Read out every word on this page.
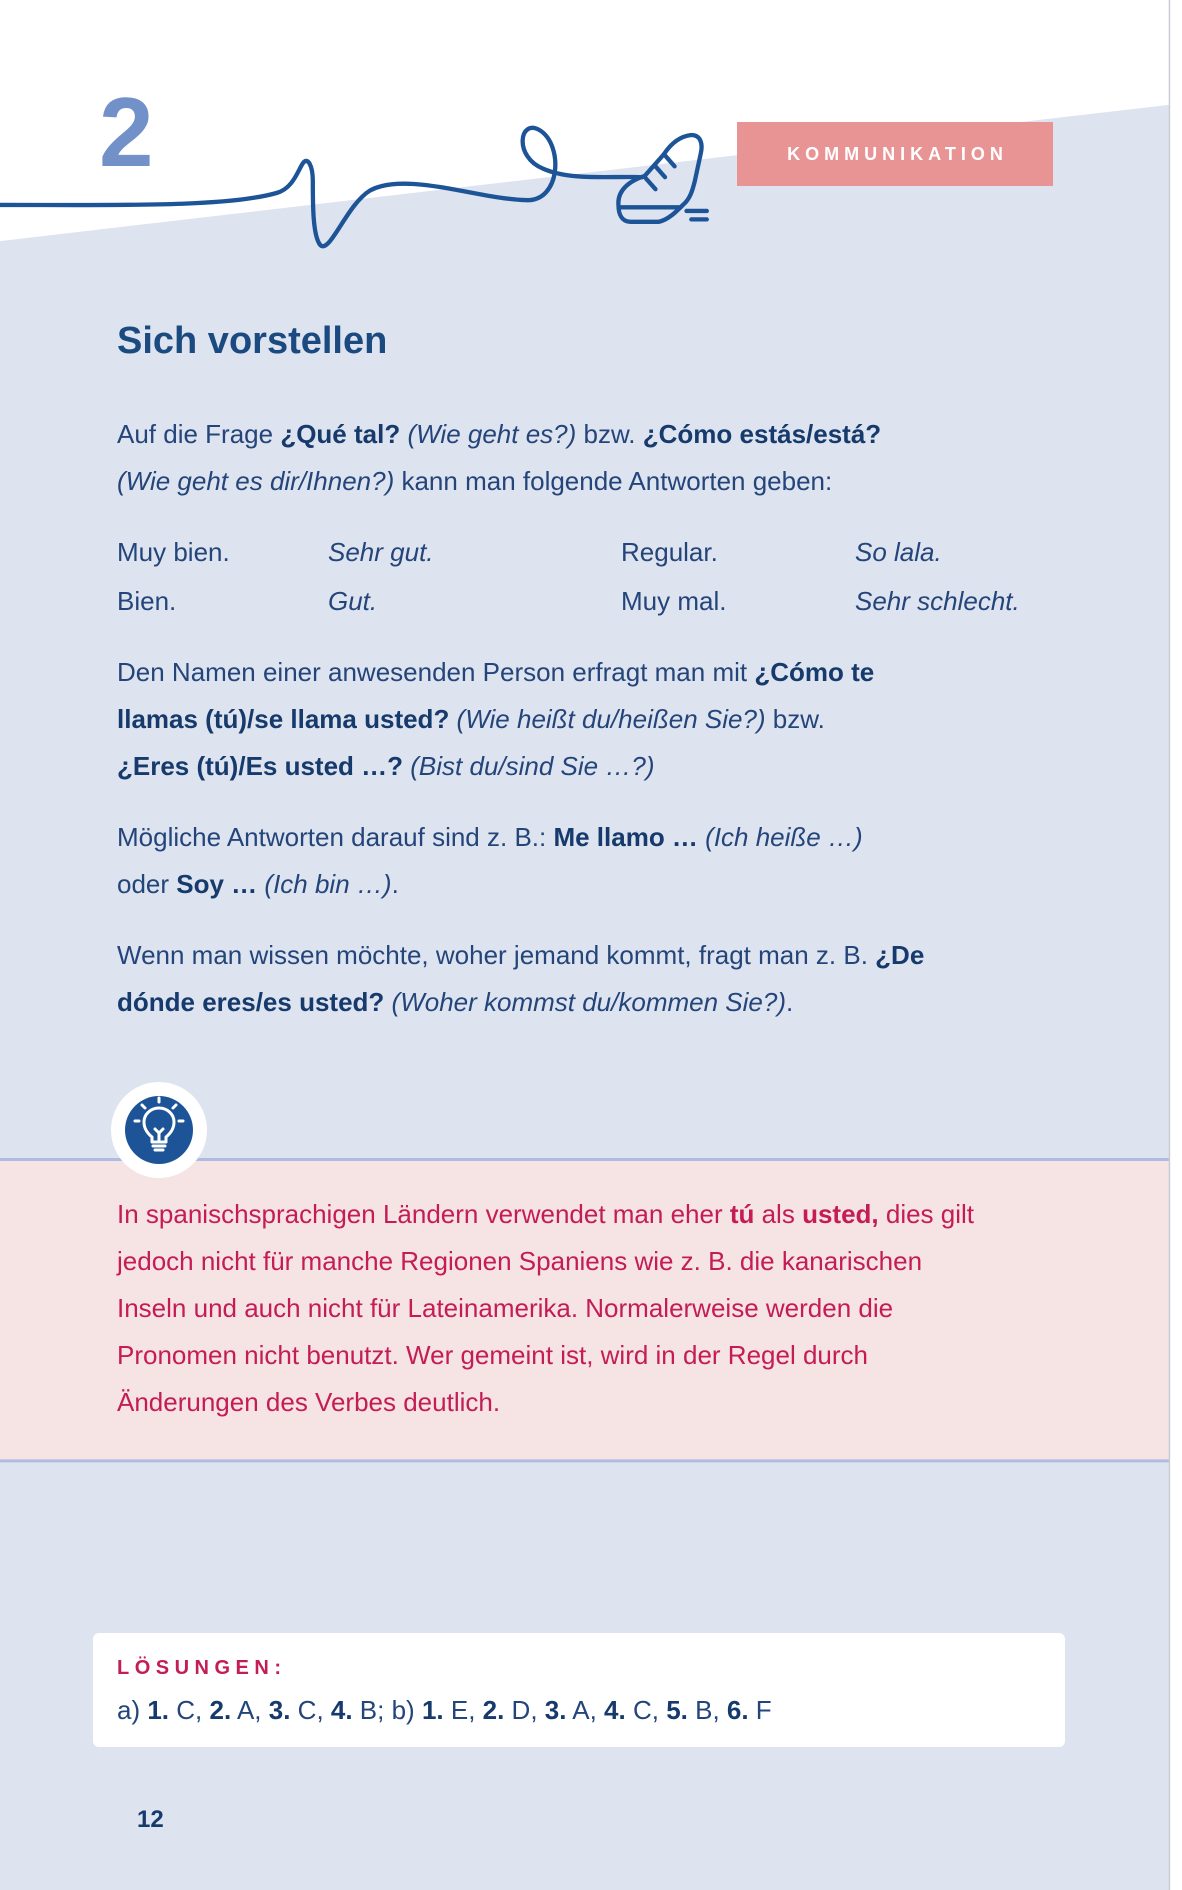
2	KOMMUNIKATION
Sich vorstellen
Auf die Frage ¿Qué tal? (Wie geht es?) bzw. ¿Cómo estás/está?
(Wie geht es dir/Ihnen?) kann man folgende Antworten geben:
Muy bien.	Sehr gut.	Regular.	So lala.
Bien.	Gut.	Muy mal.	Sehr schlecht.
Den Namen einer anwesenden Person erfragt man mit ¿Cómo te
llamas (tú)/se llama usted? (Wie heißt du/heißen Sie?) bzw.
¿Eres (tú)/Es usted …? (Bist du/sind Sie …?)
Mögliche Antworten darauf sind z. B.: Me llamo … (Ich heiße …)
oder Soy … (Ich bin …).
Wenn man wissen möchte, woher jemand kommt, fragt man z. B. ¿De
dónde eres/es usted? (Woher kommst du/kommen Sie?).
In spanischsprachigen Ländern verwendet man eher tú als usted, dies gilt
jedoch nicht für manche Regionen Spaniens wie z. B. die kanarischen
Inseln und auch nicht für Lateinamerika. Normalerweise werden die
Pronomen nicht benutzt. Wer gemeint ist, wird in der Regel durch
Änderungen des Verbes deutlich.
LÖSUNGEN:
a) 1. C, 2. A, 3. C, 4. B; b) 1. E, 2. D, 3. A, 4. C, 5. B, 6. F
12
